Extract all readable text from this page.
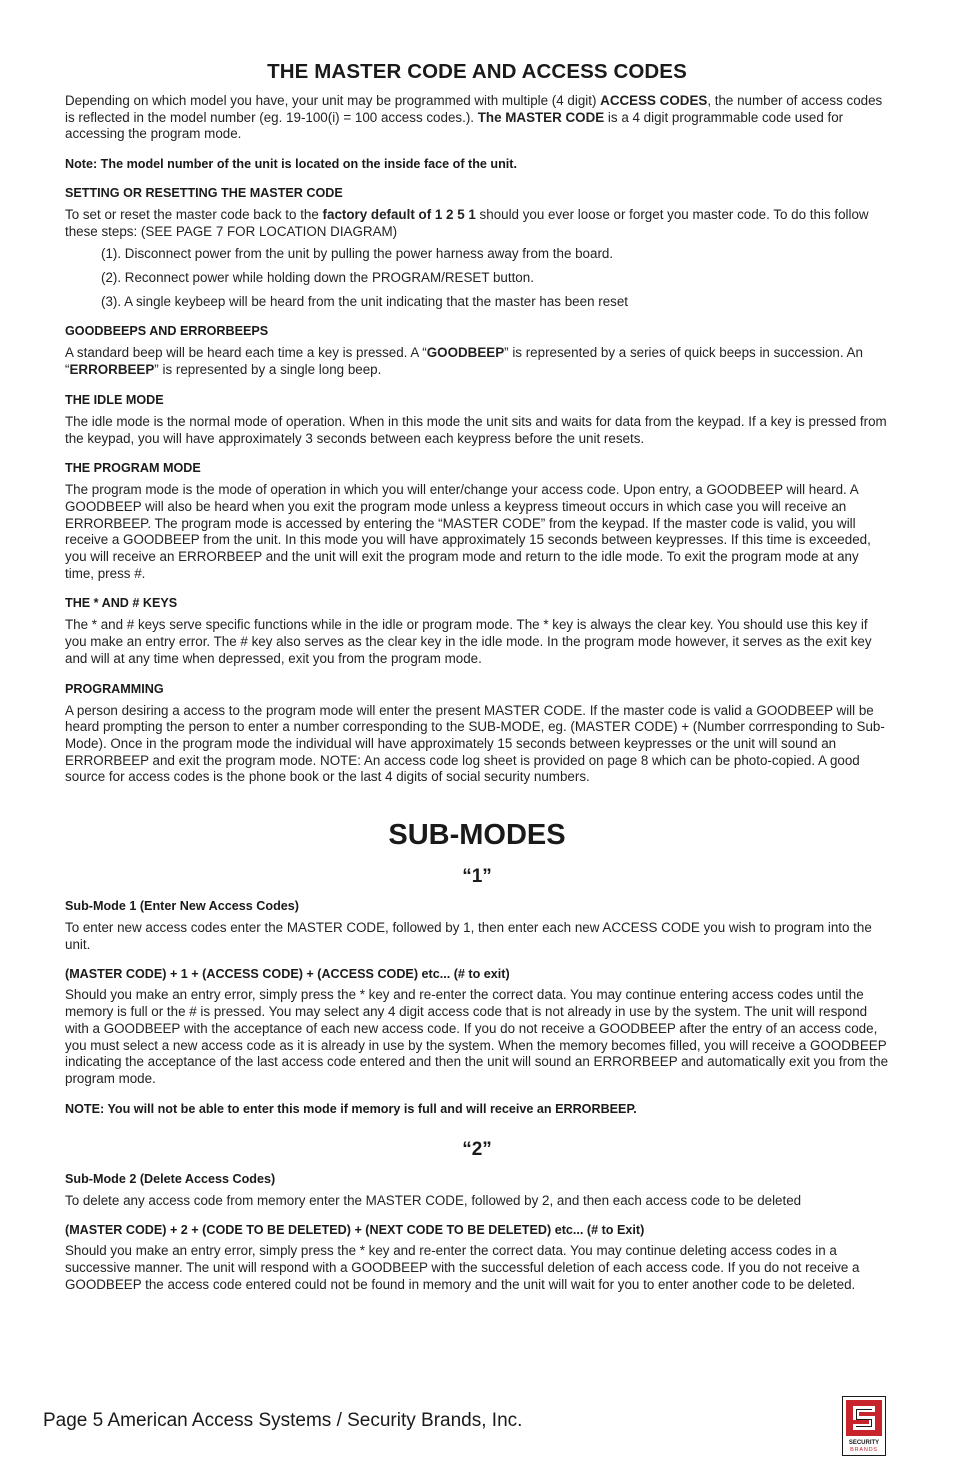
THE MASTER CODE AND ACCESS CODES

Depending on which model you have, your unit may be programmed with multiple (4 digit) ACCESS CODES, the number of access codes is reflected in the model number (eg. 19-100(i) = 100 access codes.). The MASTER CODE is a 4 digit programmable code used for accessing the program mode.

Note: The model number of the unit is located on the inside face of the unit.
SETTING OR RESETTING THE MASTER CODE

To set or reset the master code back to the factory default of 1 2 5 1 should you ever loose or forget you master code. To do this follow these steps: (SEE PAGE 7 FOR LOCATION DIAGRAM)

(1). Disconnect power from the unit by pulling the power harness away from the board.
(2). Reconnect power while holding down the PROGRAM/RESET button.
(3). A single keybeep will be heard from the unit indicating that the master has been reset
GOODBEEPS AND ERRORBEEPS

A standard beep will be heard each time a key is pressed. A “GOODBEEP” is represented by a series of quick beeps in succession. An “ERRORBEEP” is represented by a single long beep.

THE IDLE MODE

The idle mode is the normal mode of operation. When in this mode the unit sits and waits for data from the keypad. If a key is pressed from the keypad, you will have approximately 3 seconds between each keypress before the unit resets.

THE PROGRAM MODE

The program mode is the mode of operation in which you will enter/change your access code. Upon entry, a GOODBEEP will heard. A GOODBEEP will also be heard when you exit the program mode unless a keypress timeout occurs in which case you will receive an ERRORBEEP. The program mode is accessed by entering the “MASTER CODE” from the keypad. If the master code is valid, you will receive a GOODBEEP from the unit. In this mode you will have approximately 15 seconds between keypresses. If this time is exceeded, you will receive an ERRORBEEP and the unit will exit the program mode and return to the idle mode. To exit the program mode at any time, press #.

THE * AND # KEYS

The * and # keys serve specific functions while in the idle or program mode. The * key is always the clear key. You should use this key if you make an entry error. The # key also serves as the clear key in the idle mode. In the program mode however, it serves as the exit key and will at any time when depressed, exit you from the program mode.

PROGRAMMING

A person desiring a access to the program mode will enter the present MASTER CODE. If the master code is valid a GOODBEEP will be heard prompting the person to enter a number corresponding to the SUB-MODE, eg. (MASTER CODE) + (Number corrresponding to Sub-Mode). Once in the program mode the individual will have approximately 15 seconds between keypresses or the unit will sound an ERRORBEEP and exit the program mode. NOTE: An access code log sheet is provided on page 8 which can be photo-copied. A good source for access codes is the phone book or the last 4 digits of social security numbers.

SUB-MODES
“1”
Sub-Mode 1 (Enter New Access Codes)

To enter new access codes enter the MASTER CODE, followed by 1, then enter each new ACCESS CODE you wish to program into the unit.

(MASTER CODE) + 1 + (ACCESS CODE) + (ACCESS CODE) etc... (# to exit)

Should you make an entry error, simply press the * key and re-enter the correct data. You may continue entering access codes until the memory is full or the # is pressed. You may select any 4 digit access code that is not already in use by the system. The unit will respond with a GOODBEEP with the acceptance of each new access code. If you do not receive a GOODBEEP after the entry of an access code, you must select a new access code as it is already in use by the system. When the memory becomes filled, you will receive a GOODBEEP indicating the acceptance of the last access code entered and then the unit will sound an ERRORBEEP and automatically exit you from the program mode.

NOTE: You will not be able to enter this mode if memory is full and will receive an ERRORBEEP.
“2”
Sub-Mode 2 (Delete Access Codes)

To delete any access code from memory enter the MASTER CODE, followed by 2, and then each access code to be deleted

(MASTER CODE) + 2 + (CODE TO BE DELETED) + (NEXT CODE TO BE DELETED) etc... (# to Exit)

Should you make an entry error, simply press the * key and re-enter the correct data. You may continue deleting access codes in a successive manner. The unit will respond with a GOODBEEP with the successful deletion of each access code. If you do not receive a GOODBEEP the access code entered could not be found in memory and the unit will wait for you to enter another code to be deleted.

Page 5 American Access Systems / Security Brands, Inc.
SECURITY
BRANDS
